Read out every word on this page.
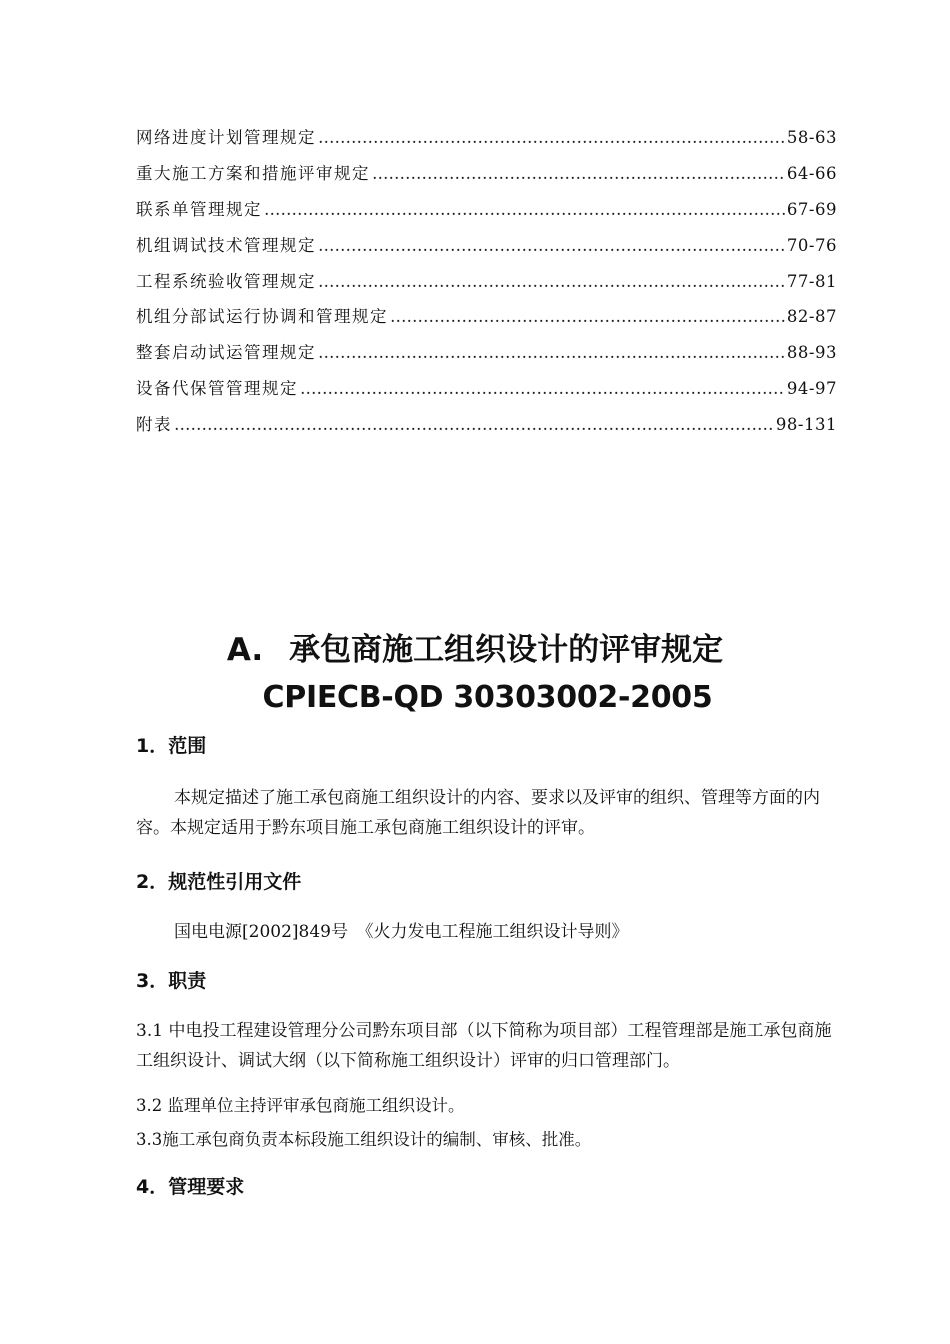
网络进度计划管理规定 ……………………………………………………………………………………………………………………………………………………………………………………	58-63
重大施工方案和措施评审规定 ……………………………………………………………………………………………………………………………………………………………………………………	64-66
联系单管理规定 ……………………………………………………………………………………………………………………………………………………………………………………	67-69
机组调试技术管理规定 ……………………………………………………………………………………………………………………………………………………………………………………	70-76
工程系统验收管理规定 ……………………………………………………………………………………………………………………………………………………………………………………	77-81
机组分部试运行协调和管理规定 ……………………………………………………………………………………………………………………………………………………………………………………	82-87
整套启动试运管理规定 ……………………………………………………………………………………………………………………………………………………………………………………	88-93
设备代保管管理规定 ……………………………………………………………………………………………………………………………………………………………………………………	94-97
附表 ……………………………………………………………………………………………………………………………………………………………………………………	98-131
A. 承包商施工组织设计的评审规定
CPIECB-QD 30303002-2005
1．范围
本规定描述了施工承包商施工组织设计的内容、要求以及评审的组织、管理等方面的内容。本规定适用于黔东项目施工承包商施工组织设计的评审。
2．规范性引用文件
国电电源[2002]849号　《火力发电工程施工组织设计导则》
3．职责
3.1 中电投工程建设管理分公司黔东项目部（以下简称为项目部）工程管理部是施工承包商施工组织设计、调试大纲（以下简称施工组织设计）评审的归口管理部门。
3.2 监理单位主持评审承包商施工组织设计。
3.3施工承包商负责本标段施工组织设计的编制、审核、批准。
4．管理要求
